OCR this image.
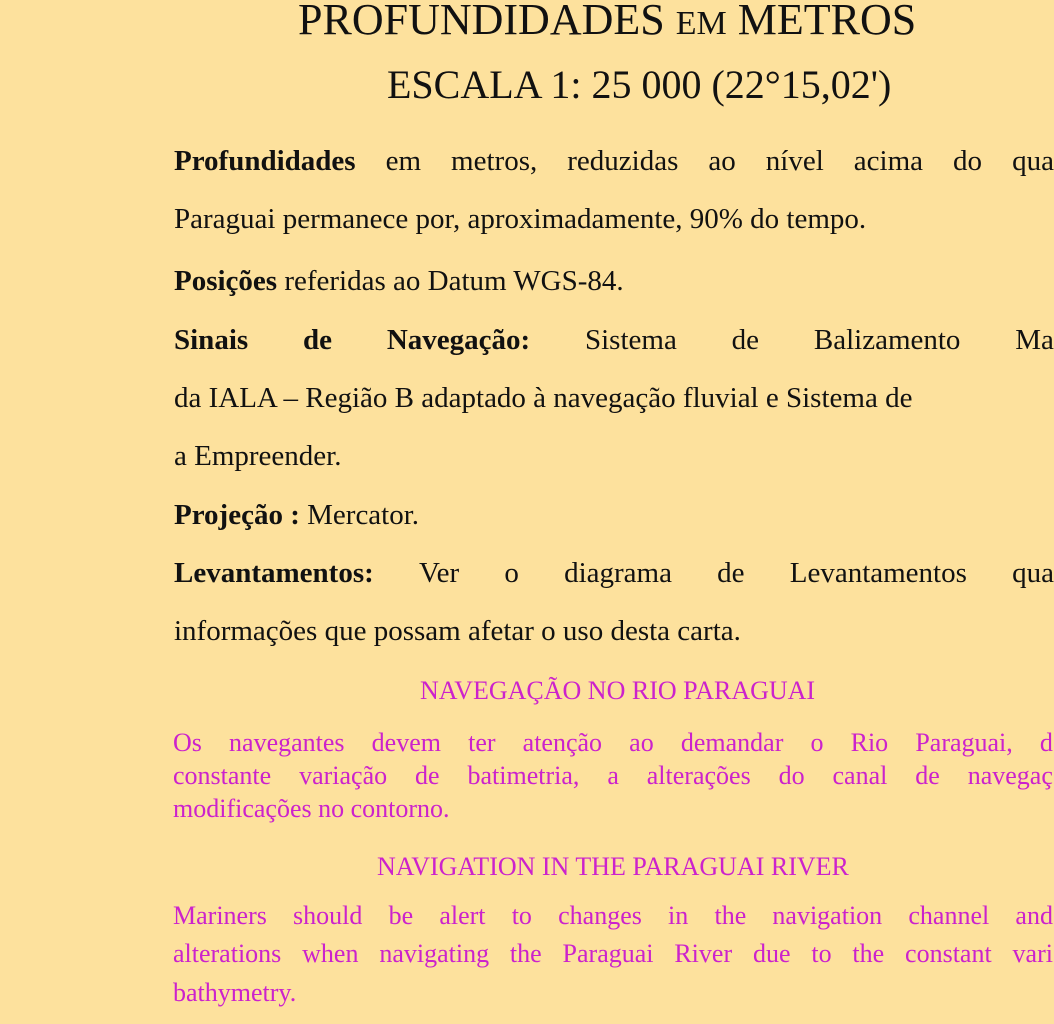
PROFUNDIDADES EM METROS
ESCALA 1: 25 000 (22°15,02')
Profundidades em metros, reduzidas ao nível acima do qua
Paraguai permanece por, aproximadamente, 90% do tempo.
Posições referidas ao Datum WGS-84.
Sinais de Navegação: Sistema de Balizamento Ma
da IALA – Região B adaptado à navegação fluvial e Sistema de
a Empreender.
Projeção : Mercator.
Levantamentos: Ver o diagrama de Levantamentos qua
informações que possam afetar o uso desta carta.
NAVEGAÇÃO NO RIO PARAGUAI
Os navegantes devem ter atenção ao demandar o Rio Paraguai, d
constante variação de batimetria, a alterações do canal de navegaç
modificações no contorno.
NAVIGATION IN THE PARAGUAI RIVER
Mariners should be alert to changes in the navigation channel and
alterations when navigating the Paraguai River due to the constant vari
bathymetry.
